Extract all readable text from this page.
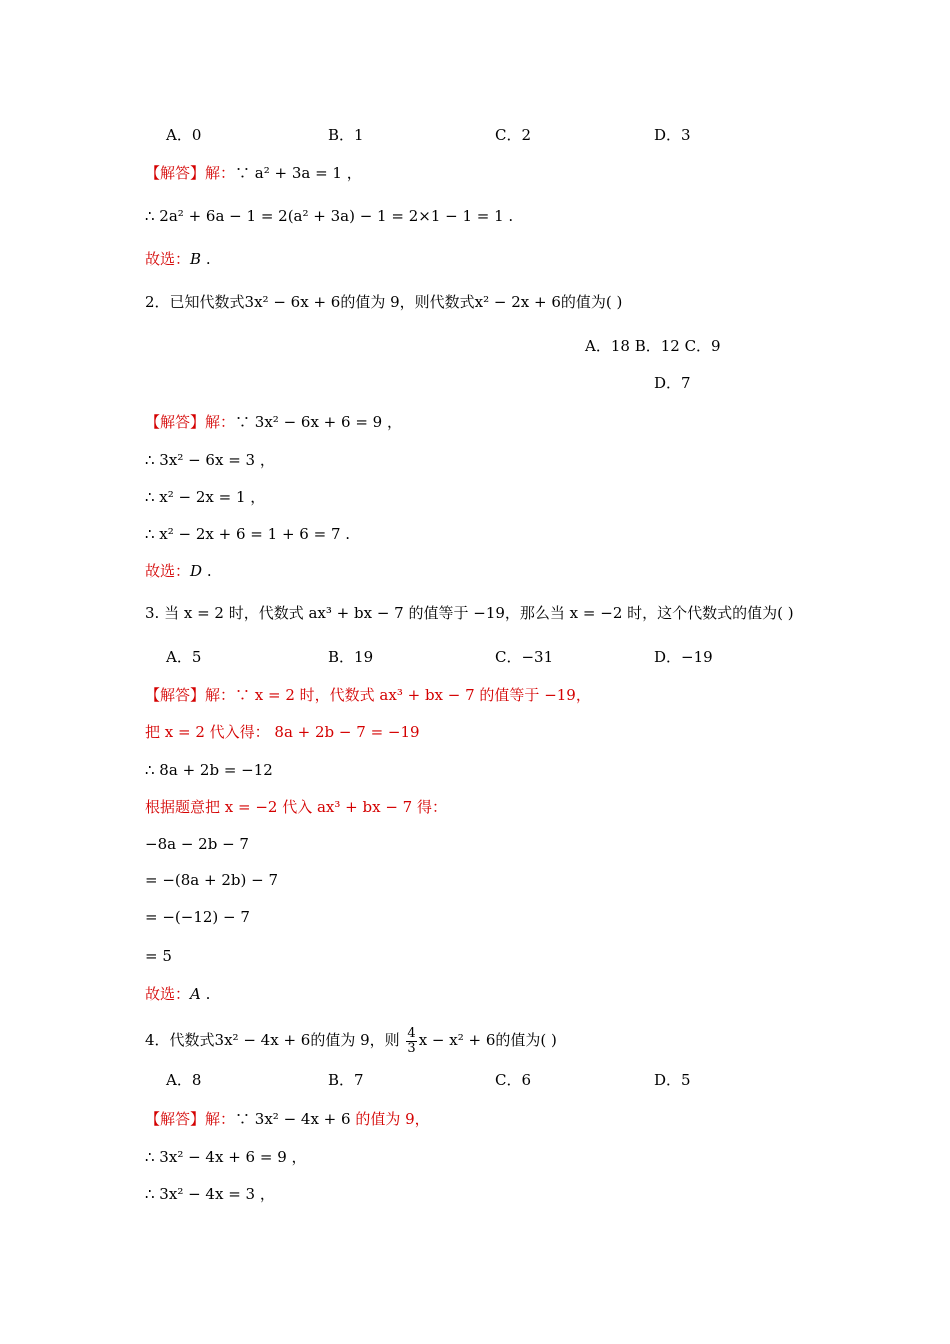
A．0	B．1	C．2	D．3
【解答】解：∵ a² + 3a = 1 ，
∴ 2a² + 6a − 1 = 2(a² + 3a) − 1 = 2×1 − 1 = 1 .
故选：B .
2．已知代数式3x² − 6x + 6的值为 9，则代数式x² − 2x + 6的值为( )
A．18 B．12 C．9
D．7
【解答】解：∵ 3x² − 6x + 6 = 9 ，
∴ 3x² − 6x = 3 ，
∴ x² − 2x = 1 ，
∴ x² − 2x + 6 = 1 + 6 = 7 .
故选：D .
3. 当 x = 2 时，代数式 ax³ + bx − 7 的值等于 −19，那么当 x = −2 时，这个代数式的值为( )
A．5	B．19	C．−31	D．−19
【解答】解：∵ x = 2 时，代数式 ax³ + bx − 7 的值等于 −19，
把 x = 2 代入得： 8a + 2b − 7 = −19
∴ 8a + 2b = −12
根据题意把 x = −2 代入 ax³ + bx − 7 得：
−8a − 2b − 7
= −(8a + 2b) − 7
= −(−12) − 7
= 5
故选：A .
4．代数式3x² − 4x + 6的值为 9，则 $\frac{4}{3}$ x − x² + 6的值为( )
A．8	B．7	C．6	D．5
【解答】解：∵ 3x² − 4x + 6 的值为 9，
∴ 3x² − 4x + 6 = 9 ，
∴ 3x² − 4x = 3 ，
